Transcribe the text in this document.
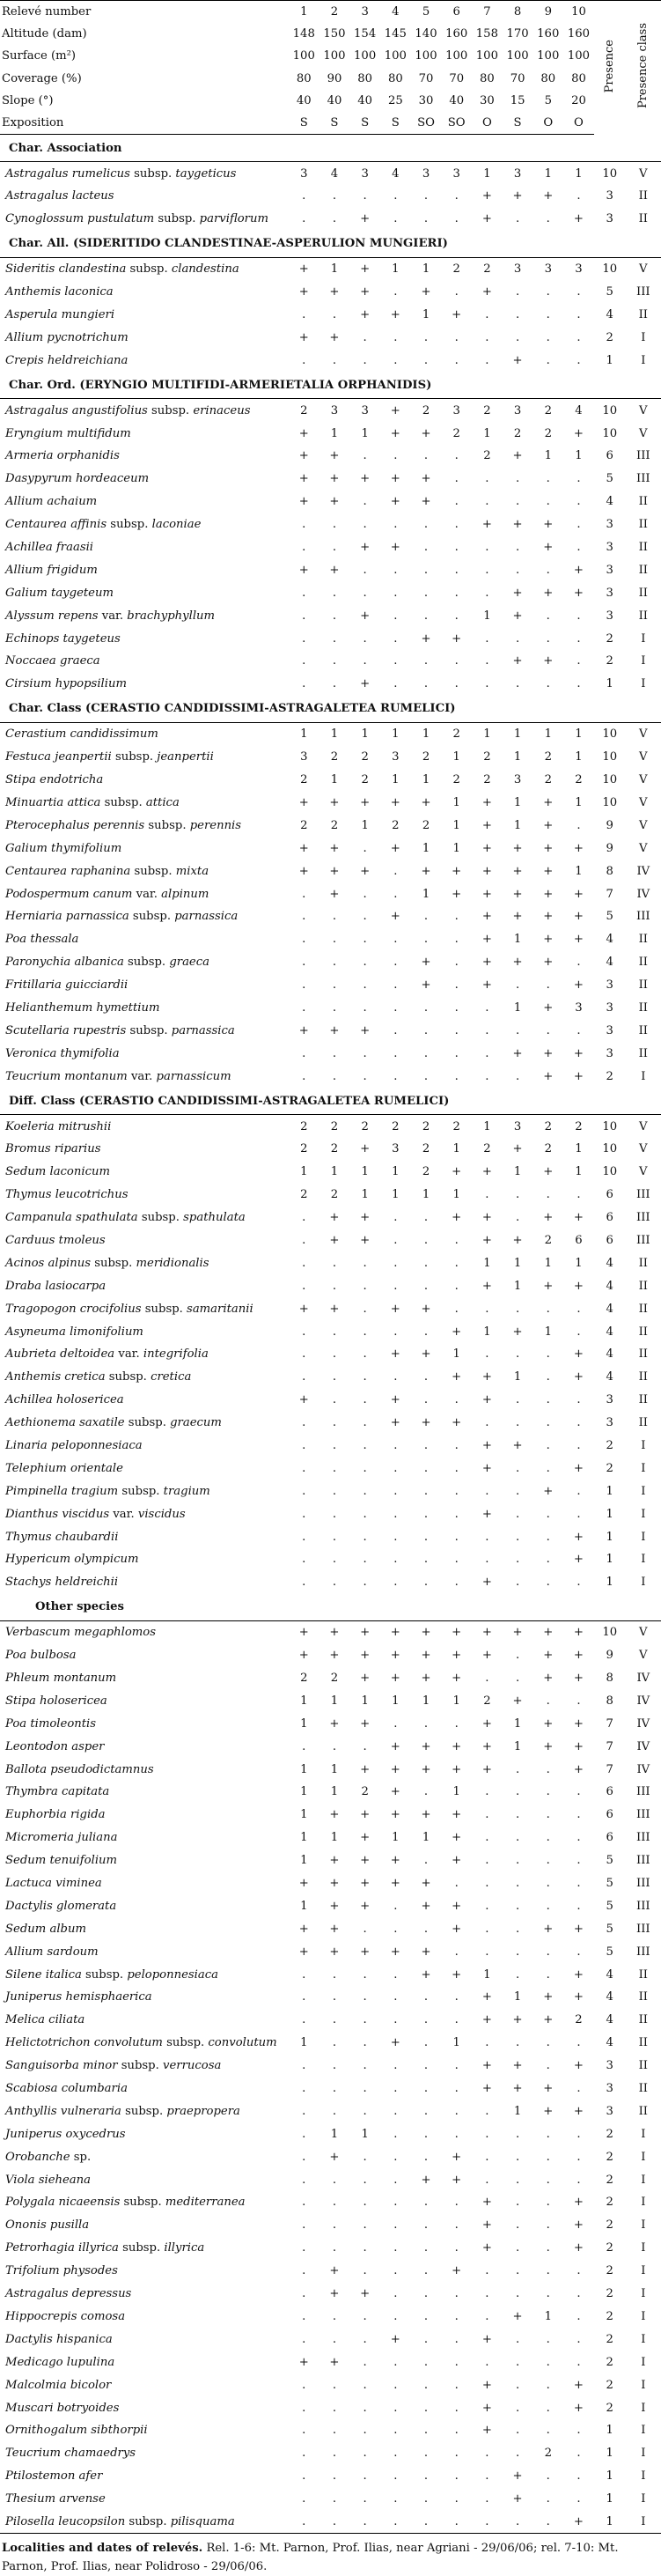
Relevé number	1	2	3	4	5	6	7	8	9	10	Presence	Presence class
Altitude (dam)	148	150	154	145	140	160	158	170	160	160		
Surface (m²)	100	100	100	100	100	100	100	100	100	100		
Coverage (%)	80	90	80	80	70	70	80	70	80	80		
Slope (°)	40	40	40	25	30	40	30	15	5	20		
Exposition	S	S	S	S	SO	SO	O	S	O	O		
Char. Association												
Astragalus rumelicus subsp. taygeticus	3	4	3	4	3	3	1	3	1	1	10	V
Astragalus lacteus	.	.	.	.	.	.	+	+	+	.	3	II
Cynoglossum pustulatum subsp. parviflorum	.	.	+	.	.	.	+	.	.	+	3	II
Char. All. (SIDERITIDO CLANDESTINAE-ASPERULION MUNGIERI)												
Sideritis clandestina subsp. clandestina	+	1	+	1	1	2	2	3	3	3	10	V
Anthemis laconica	+	+	+	.	+	.	+	.	.	.	5	III
Asperula mungieri	.	.	+	+	1	+	.	.	.	.	4	II
Allium pycnotrichum	+	+	.	.	.	.	.	.	.	.	2	I
Crepis heldreichiana	.	.	.	.	.	.	.	+	.	.	1	I
Char. Ord. (ERYNGIO MULTIFIDI-ARMERIETALIA ORPHANIDIS)												
Astragalus angustifolius subsp. erinaceus	2	3	3	+	2	3	2	3	2	4	10	V
Eryngium multifidum	+	1	1	+	+	2	1	2	2	+	10	V
Armeria orphanidis	+	+	.	.	.	.	2	+	1	1	6	III
Dasypyrum hordeaceum	+	+	+	+	+	.	.	.	.	.	5	III
Allium achaium	+	+	.	+	+	.	.	.	.	.	4	II
Centaurea affinis subsp. laconiae	.	.	.	.	.	.	+	+	+	.	3	II
Achillea fraasii	.	.	+	+	.	.	.	.	+	.	3	II
Allium frigidum	+	+	.	.	.	.	.	.	.	+	3	II
Galium taygeteum	.	.	.	.	.	.	.	+	+	+	3	II
Alyssum repens var. brachyphyllum	.	.	+	.	.	.	1	+	.	.	3	II
Echinops taygeteus	.	.	.	.	+	+	.	.	.	.	2	I
Noccaea graeca	.	.	.	.	.	.	.	+	+	.	2	I
Cirsium hypopsilium	.	.	+	.	.	.	.	.	.	.	1	I
Char. Class (CERASTIO CANDIDISSIMI-ASTRAGALETEA RUMELICI)												
Cerastium candidissimum	1	1	1	1	1	2	1	1	1	1	10	V
Festuca jeanpertii subsp. jeanpertii	3	2	2	3	2	1	2	1	2	1	10	V
Stipa endotricha	2	1	2	1	1	2	2	3	2	2	10	V
Minuartia attica subsp. attica	+	+	+	+	+	1	+	1	+	1	10	V
Pterocephalus perennis subsp. perennis	2	2	1	2	2	1	+	1	+	.	9	V
Galium thymifolium	+	+	.	+	1	1	+	+	+	+	9	V
Centaurea raphanina subsp. mixta	+	+	+	.	+	+	+	+	+	1	8	IV
Podospermum canum var. alpinum	.	+	.	.	1	+	+	+	+	+	7	IV
Herniaria parnassica subsp. parnassica	.	.	.	+	.	.	+	+	+	+	5	III
Poa thessala	.	.	.	.	.	.	+	1	+	+	4	II
Paronychia albanica subsp. graeca	.	.	.	.	+	.	+	+	+	.	4	II
Fritillaria guicciardii	.	.	.	.	+	.	+	.	.	+	3	II
Helianthemum hymettium	.	.	.	.	.	.	.	1	+	3	3	II
Scutellaria rupestris subsp. parnassica	+	+	+	.	.	.	.	.	.	.	3	II
Veronica thymifolia	.	.	.	.	.	.	.	+	+	+	3	II
Teucrium montanum var. parnassicum	.	.	.	.	.	.	.	.	+	+	2	I
Diff. Class (CERASTIO CANDIDISSIMI-ASTRAGALETEA RUMELICI)												
Koeleria mitrushii	2	2	2	2	2	2	1	3	2	2	10	V
Bromus riparius	2	2	+	3	2	1	2	+	2	1	10	V
Sedum laconicum	1	1	1	1	2	+	+	1	+	1	10	V
Thymus leucotrichus	2	2	1	1	1	1	.	.	.	.	6	III
Campanula spathulata subsp. spathulata	.	+	+	.	.	+	+	.	+	+	6	III
Carduus tmoleus	.	+	+	.	.	.	+	+	2	6	6	III
Acinos alpinus subsp. meridionalis	.	.	.	.	.	.	1	1	1	1	4	II
Draba lasiocarpa	.	.	.	.	.	.	+	1	+	+	4	II
Tragopogon crocifolius subsp. samaritanii	+	+	.	+	+	.	.	.	.	.	4	II
Asyneuma limonifolium	.	.	.	.	.	+	1	+	1	.	4	II
Aubrieta deltoidea var. integrifolia	.	.	.	+	+	1	.	.	.	+	4	II
Anthemis cretica subsp. cretica	.	.	.	.	.	+	+	1	.	+	4	II
Achillea holosericea	+	.	.	+	.	.	+	.	.	.	3	II
Aethionema saxatile subsp. graecum	.	.	.	+	+	+	.	.	.	.	3	II
Linaria peloponnesiaca	.	.	.	.	.	.	+	+	.	.	2	I
Telephium orientale	.	.	.	.	.	.	+	.	.	+	2	I
Pimpinella tragium subsp. tragium	.	.	.	.	.	.	.	.	+	.	1	I
Dianthus viscidus var. viscidus	.	.	.	.	.	.	+	.	.	.	1	I
Thymus chaubardii	.	.	.	.	.	.	.	.	.	+	1	I
Hypericum olympicum	.	.	.	.	.	.	.	.	.	+	1	I
Stachys heldreichii	.	.	.	.	.	.	+	.	.	.	1	I
Other species												
Verbascum megaphlomos	+	+	+	+	+	+	+	+	+	+	10	V
Poa bulbosa	+	+	+	+	+	+	+	.	+	+	9	V
Phleum montanum	2	2	+	+	+	+	.	.	+	+	8	IV
Stipa holosericea	1	1	1	1	1	1	2	+	.	.	8	IV
Poa timoleontis	1	+	+	.	.	.	+	1	+	+	7	IV
Leontodon asper	.	.	.	+	+	+	+	1	+	+	7	IV
Ballota pseudodictamnus	1	1	+	+	+	+	+	.	.	+	7	IV
Thymbra capitata	1	1	2	+	.	1	.	.	.	.	6	III
Euphorbia rigida	1	+	+	+	+	+	.	.	.	.	6	III
Micromeria juliana	1	1	+	1	1	+	.	.	.	.	6	III
Sedum tenuifolium	1	+	+	+	.	+	.	.	.	.	5	III
Lactuca viminea	+	+	+	+	+	.	.	.	.	.	5	III
Dactylis glomerata	1	+	+	.	+	+	.	.	.	.	5	III
Sedum album	+	+	.	.	.	+	.	.	+	+	5	III
Allium sardoum	+	+	+	+	+	.	.	.	.	.	5	III
Silene italica subsp. peloponnesiaca	.	.	.	.	+	+	1	.	.	+	4	II
Juniperus hemisphaerica	.	.	.	.	.	.	+	1	+	+	4	II
Melica ciliata	.	.	.	.	.	.	+	+	+	2	4	II
Helictotrichon convolutum subsp. convolutum	1	.	.	+	.	1	.	.	.	.	4	II
Sanguisorba minor subsp. verrucosa	.	.	.	.	.	.	+	+	.	+	3	II
Scabiosa columbaria	.	.	.	.	.	.	+	+	+	.	3	II
Anthyllis vulneraria subsp. praepropera	.	.	.	.	.	.	.	1	+	+	3	II
Juniperus oxycedrus	.	1	1	.	.	.	.	.	.	.	2	I
Orobanche sp.	.	+	.	.	.	+	.	.	.	.	2	I
Viola sieheana	.	.	.	.	+	+	.	.	.	.	2	I
Polygala nicaeensis subsp. mediterranea	.	.	.	.	.	.	+	.	.	+	2	I
Ononis pusilla	.	.	.	.	.	.	+	.	.	+	2	I
Petrorhagia illyrica subsp. illyrica	.	.	.	.	.	.	+	.	.	+	2	I
Trifolium physodes	.	+	.	.	.	+	.	.	.	.	2	I
Astragalus depressus	.	+	+	.	.	.	.	.	.	.	2	I
Hippocrepis comosa	.	.	.	.	.	.	.	+	1	.	2	I
Dactylis hispanica	.	.	.	+	.	.	+	.	.	.	2	I
Medicago lupulina	+	+	.	.	.	.	.	.	.	.	2	I
Malcolmia bicolor	.	.	.	.	.	.	+	.	.	+	2	I
Muscari botryoides	.	.	.	.	.	.	+	.	.	+	2	I
Ornithogalum sibthorpii	.	.	.	.	.	.	+	.	.	.	1	I
Teucrium chamaedrys	.	.	.	.	.	.	.	.	2	.	1	I
Ptilostemon afer	.	.	.	.	.	.	.	+	.	.	1	I
Thesium arvense	.	.	.	.	.	.	.	+	.	.	1	I
Pilosella leucopsilon subsp. pilisquama	.	.	.	.	.	.	.	.	.	+	1	I
Localities and dates of relevés. Rel. 1-6: Mt. Parnon, Prof. Ilias, near Agriani - 29/06/06; rel. 7-10: Mt. Parnon, Prof. Ilias, near Polidroso - 29/06/06.
